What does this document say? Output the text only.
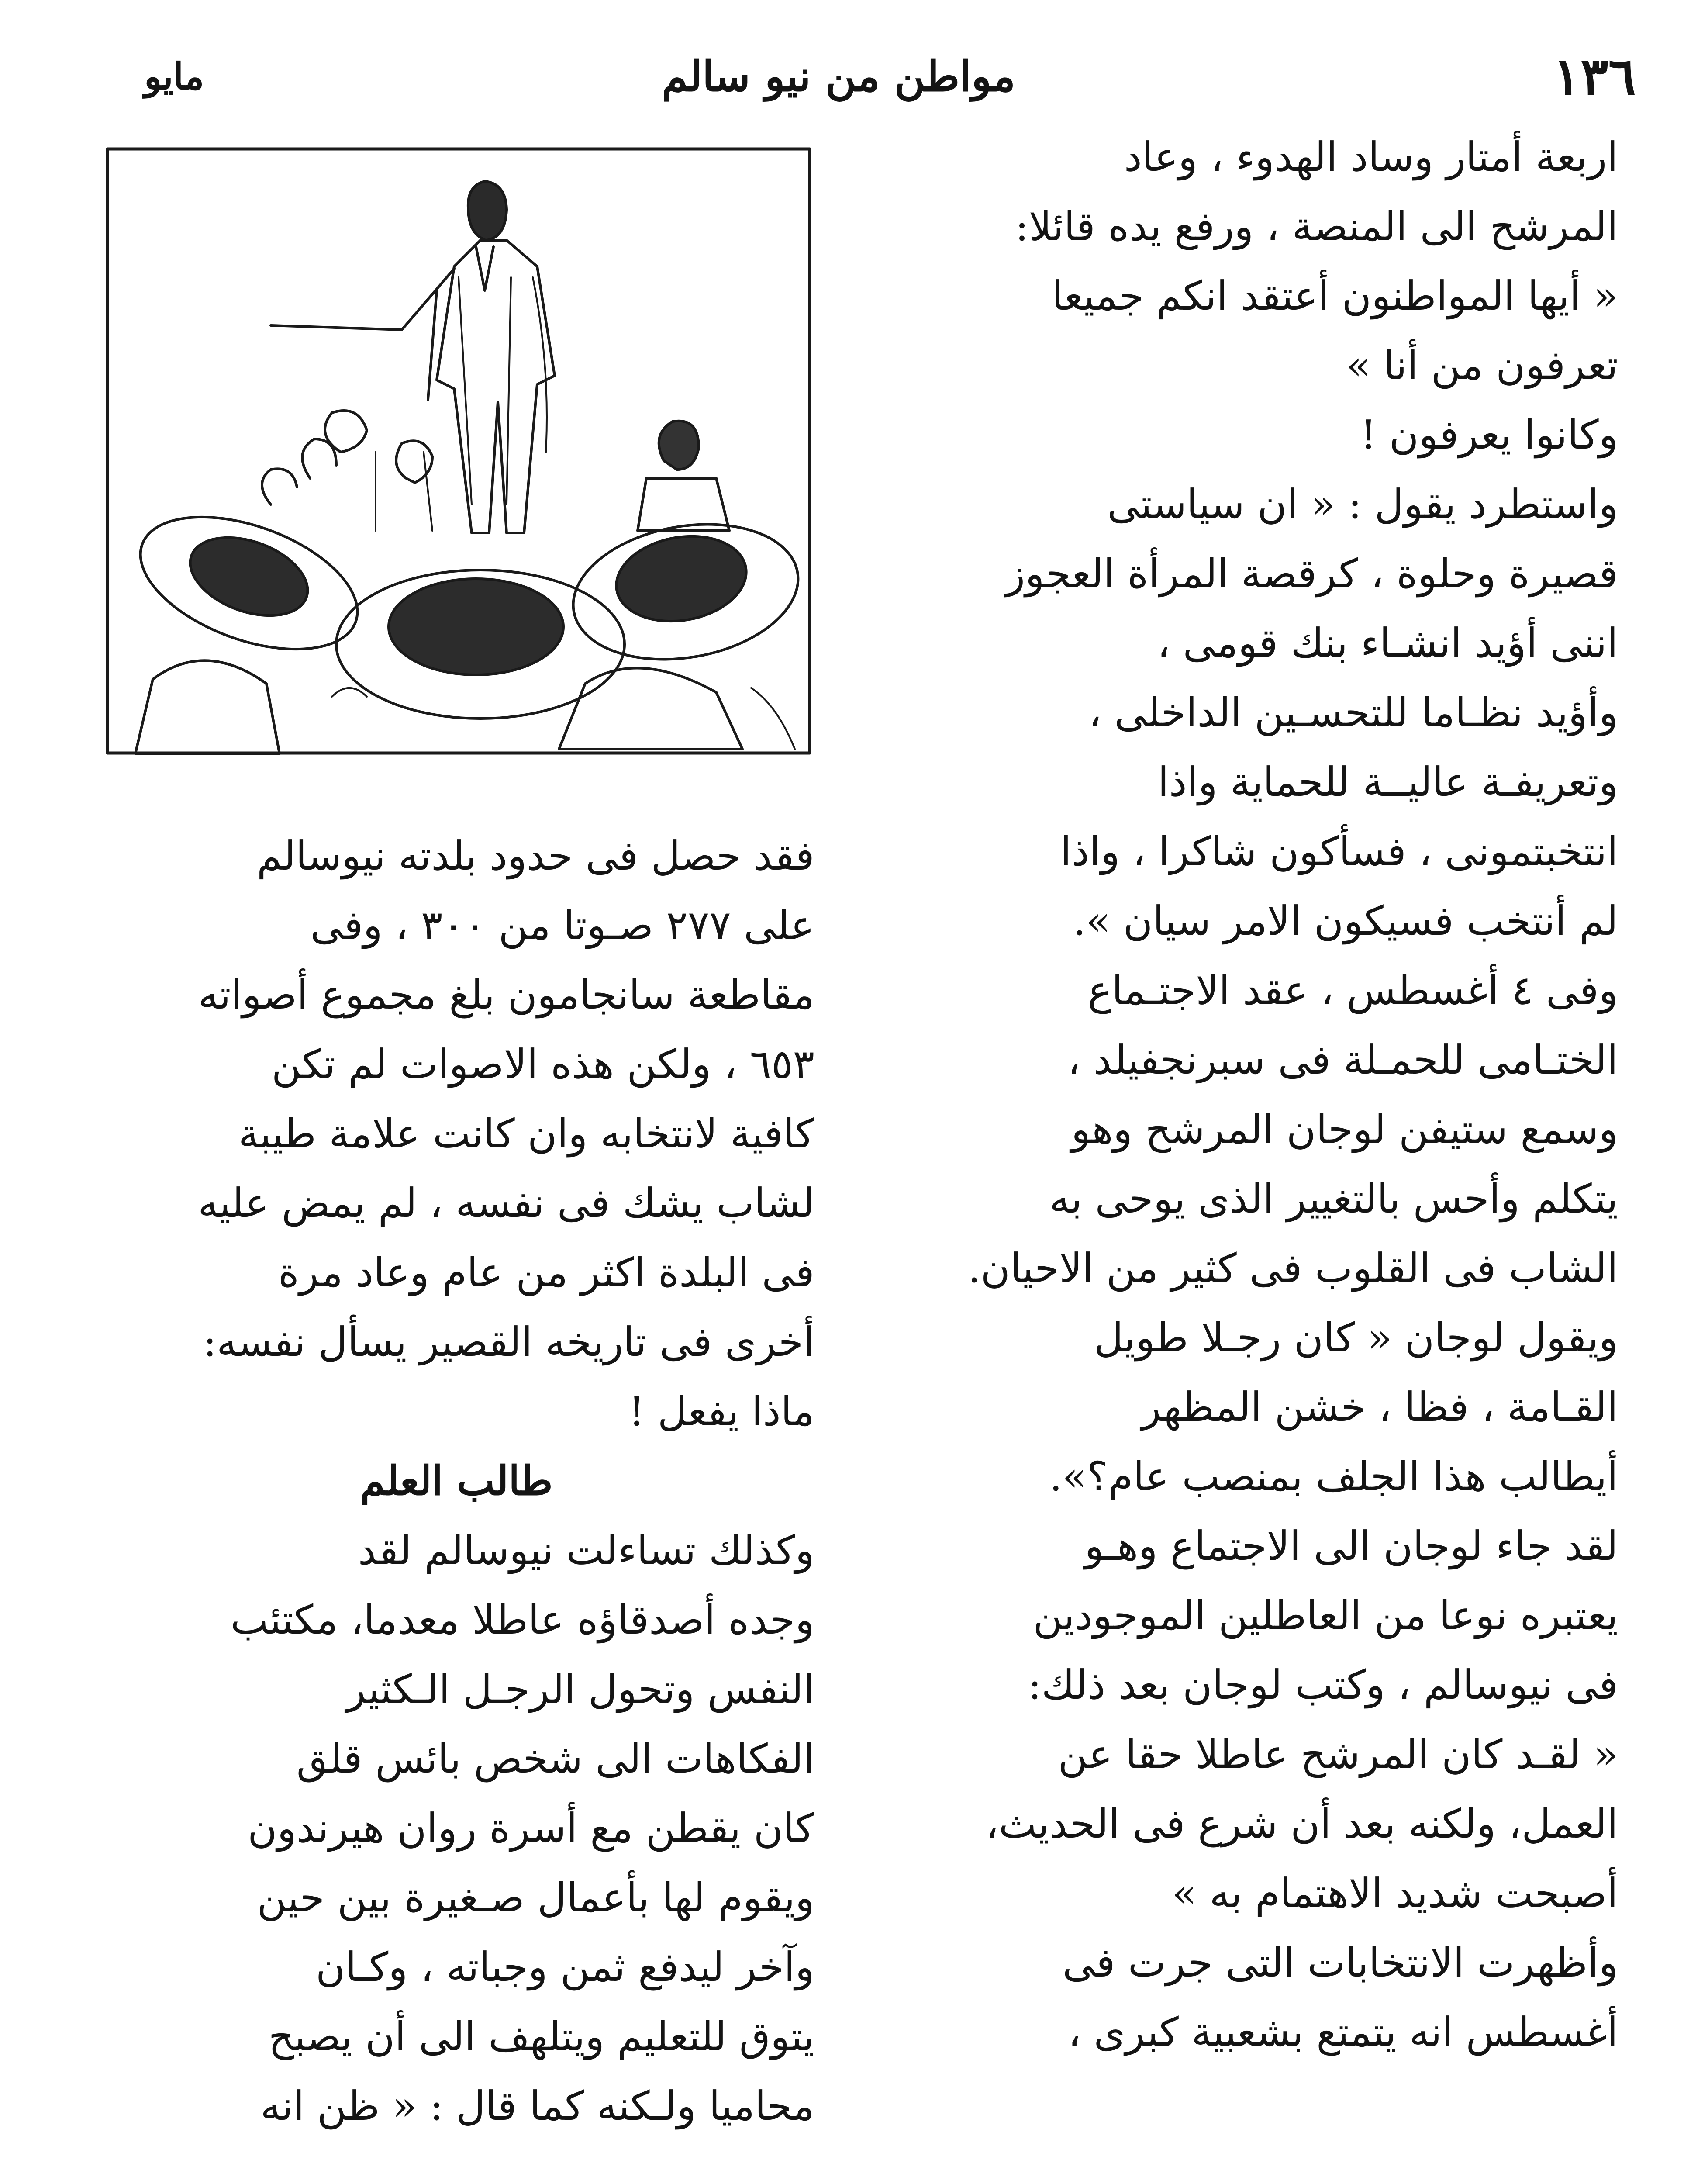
١٣٦
مواطن من نيو سالم
مايو
اربعة أمتار وساد الهدوء ، وعاد
المرشح الى المنصة ، ورفع يده قائلا:
« أيها المواطنون أعتقد انكم جميعا
تعرفون من أنا »
وكانوا يعرفون !
واستطرد يقول : « ان سياستى
قصيرة وحلوة ، كرقصة المرأة العجوز
اننى أؤيد انشـاء بنك قومى ،
وأؤيد نظـاما للتحسـين الداخلى ،
وتعريفـة عاليــة للحماية واذا
انتخبتمونى ، فسأكون شاكرا ، واذا
لم أنتخب فسيكون الامر سيان ».
وفى ٤ أغسطس ، عقد الاجتـماع
الختـامى للحمـلة فى سبرنجفيلد ،
وسمع ستيفن لوجان المرشح وهو
يتكلم وأحس بالتغيير الذى يوحى به
الشاب فى القلوب فى كثير من الاحيان.
ويقول لوجان « كان رجـلا طويل
القـامة ، فظا ، خشن المظهر
أيطالب هذا الجلف بمنصب عام؟».
لقد جاء لوجان الى الاجتماع وهـو
يعتبره نوعا من العاطلين الموجودين
فى نيوسالم ، وكتب لوجان بعد ذلك:
« لقـد كان المرشح عاطلا حقا عن
العمل، ولكنه بعد أن شرع فى الحديث،
أصبحت شديد الاهتمام به »
وأظهرت الانتخابات التى جرت فى
أغسطس انه يتمتع بشعبية كبرى ،
فقد حصل فى حدود بلدته نيوسالم
على ٢٧٧ صـوتا من ٣٠٠ ، وفى
مقاطعة سانجامون بلغ مجموع أصواته
٦٥٣ ، ولكن هذه الاصوات لم تكن
كافية لانتخابه وان كانت علامة طيبة
لشاب يشك فى نفسه ، لم يمض عليه
فى البلدة اكثر من عام وعاد مرة
أخرى فى تاريخه القصير يسأل نفسه:
ماذا يفعل !
طالب العلم
وكذلك تساءلت نيوسالم لقد
وجده أصدقاؤه عاطلا معدما، مكتئب
النفس وتحول الرجـل الـكثير
الفكاهات الى شخص بائس قلق
كان يقطن مع أسرة روان هيرندون
ويقوم لها بأعمال صـغيرة بين حين
وآخر ليدفع ثمن وجباته ، وكـان
يتوق للتعليم ويتلهف الى أن يصبح
محاميا ولـكنه كما قال : « ظن انه
